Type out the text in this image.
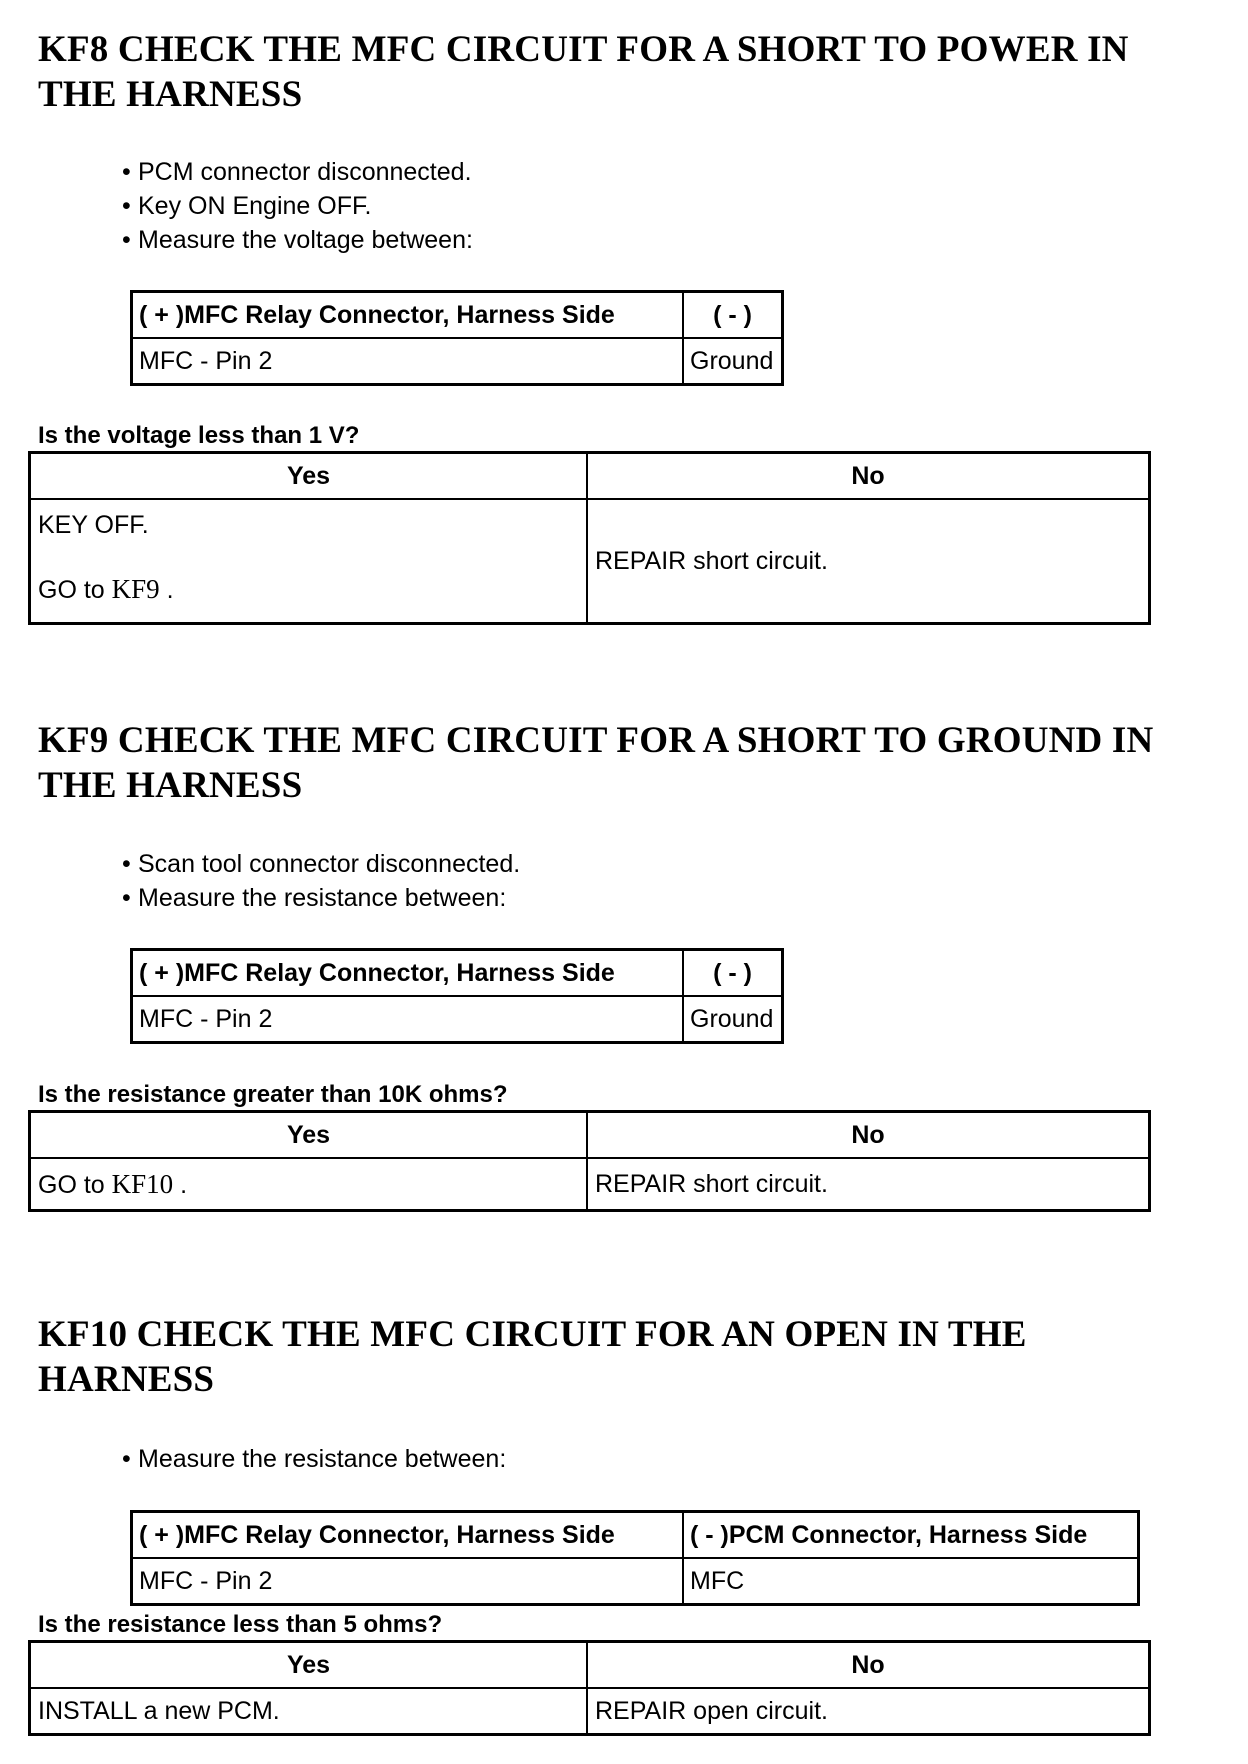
KF8 CHECK THE MFC CIRCUIT FOR A SHORT TO POWER IN
THE HARNESS
• PCM connector disconnected.
• Key ON Engine OFF.
• Measure the voltage between:
( + )MFC Relay Connector, Harness Side	( - )
MFC - Pin 2	Ground

Is the voltage less than 1 V?

Yes	No
KEY OFF.
GO to KF9 .	REPAIR short circuit.
KF9 CHECK THE MFC CIRCUIT FOR A SHORT TO GROUND IN
THE HARNESS
• Scan tool connector disconnected.
• Measure the resistance between:
( + )MFC Relay Connector, Harness Side	( - )
MFC - Pin 2	Ground

Is the resistance greater than 10K ohms?

Yes	No
GO to KF10 .	REPAIR short circuit.
KF10 CHECK THE MFC CIRCUIT FOR AN OPEN IN THE
HARNESS
• Measure the resistance between:
( + )MFC Relay Connector, Harness Side	( - )PCM Connector, Harness Side
MFC - Pin 2	MFC

Is the resistance less than 5 ohms?

Yes	No
INSTALL a new PCM.	REPAIR open circuit.
